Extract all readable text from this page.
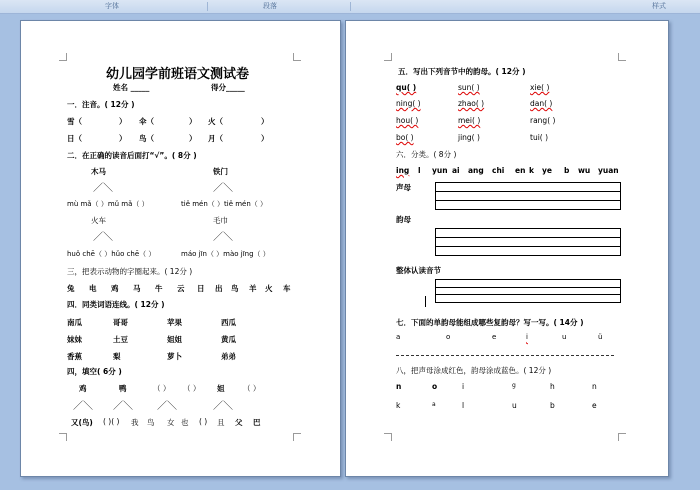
字体	段落	样式
幼儿园学前班语文测试卷
姓名 _____	得分_____
一．注音。( 12分 )
雪（	） 伞（	） 火（	）
日（	） 鸟（	） 月（	）
二．在正确的读音后面打“√”。( 8分 )
木马	铁门
／＼	／＼
mù mǎ（ ）mǔ mǎ（ ）	tiě mén（ ）tiě mén（ ）
火车	毛巾
／＼	／＼
huǒ chē（ ）hǔo chē（ ）	máo jīn（ ）mào jīng（ ）
三，把表示动物的字圈起来。( 12分 )
兔 电 鸡 马 牛 云 日 出 鸟 羊 火 车
四．同类词语连线。( 12分 )
南瓜	哥哥	苹果	西瓜
妹妹	土豆	姐姐	黄瓜
香蕉	梨	萝卜	弟弟
四，填空( 6分 )
鸡	鸭	（ ） （ ） 姐 （ ）
／＼ ／＼ ／＼	／＼
又(鸟) ( )( ) 我 鸟 女 也 ( ) 且 父 巴
五．写出下列音节中的韵母。( 12分 )
qu( )	sun( )	xie( )
ning( )	zhao( )	dan( )
hou( )	mei( )	rang( )
bo( )	jing( )	tui( )
六．分类。( 8分 )
ing l yun ai ang chi en k ye b wu yuan
声母
韵母
整体认读音节
七．下面的单韵母能组成哪些复韵母？写一写。( 14分 )
a	o	e	i	u	ü
八，把声母涂成红色，韵母涂成蓝色。( 12分 )
n	o	i	g	h	n
k	a	l	u	b	e
